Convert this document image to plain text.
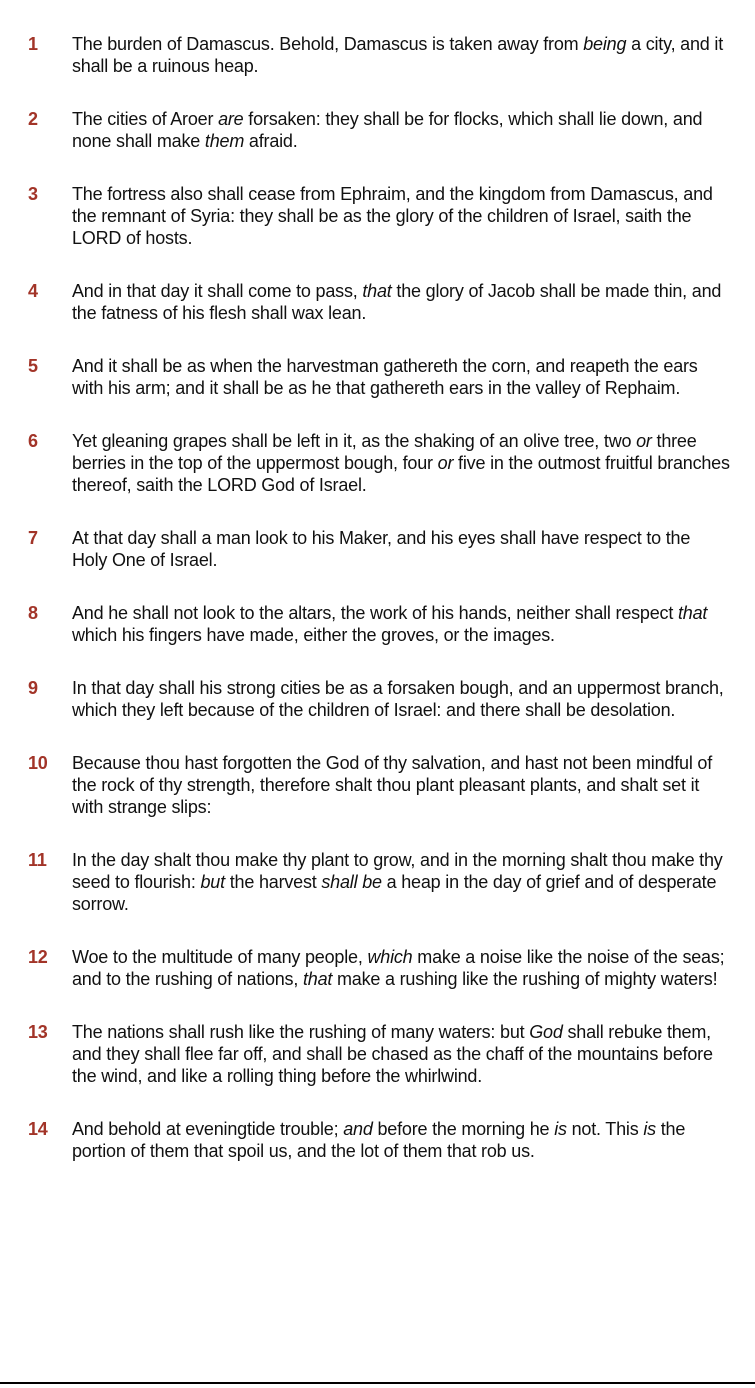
1	The burden of Damascus. Behold, Damascus is taken away from being a city, and it shall be a ruinous heap.
2	The cities of Aroer are forsaken: they shall be for flocks, which shall lie down, and none shall make them afraid.
3	The fortress also shall cease from Ephraim, and the kingdom from Damascus, and the remnant of Syria: they shall be as the glory of the children of Israel, saith the LORD of hosts.
4	And in that day it shall come to pass, that the glory of Jacob shall be made thin, and the fatness of his flesh shall wax lean.
5	And it shall be as when the harvestman gathereth the corn, and reapeth the ears with his arm; and it shall be as he that gathereth ears in the valley of Rephaim.
6	Yet gleaning grapes shall be left in it, as the shaking of an olive tree, two or three berries in the top of the uppermost bough, four or five in the outmost fruitful branches thereof, saith the LORD God of Israel.
7	At that day shall a man look to his Maker, and his eyes shall have respect to the Holy One of Israel.
8	And he shall not look to the altars, the work of his hands, neither shall respect that which his fingers have made, either the groves, or the images.
9	In that day shall his strong cities be as a forsaken bough, and an uppermost branch, which they left because of the children of Israel: and there shall be desolation.
10	Because thou hast forgotten the God of thy salvation, and hast not been mindful of the rock of thy strength, therefore shalt thou plant pleasant plants, and shalt set it with strange slips:
11	In the day shalt thou make thy plant to grow, and in the morning shalt thou make thy seed to flourish: but the harvest shall be a heap in the day of grief and of desperate sorrow.
12	Woe to the multitude of many people, which make a noise like the noise of the seas; and to the rushing of nations, that make a rushing like the rushing of mighty waters!
13	The nations shall rush like the rushing of many waters: but God shall rebuke them, and they shall flee far off, and shall be chased as the chaff of the mountains before the wind, and like a rolling thing before the whirlwind.
14	And behold at eveningtide trouble; and before the morning he is not. This is the portion of them that spoil us, and the lot of them that rob us.
